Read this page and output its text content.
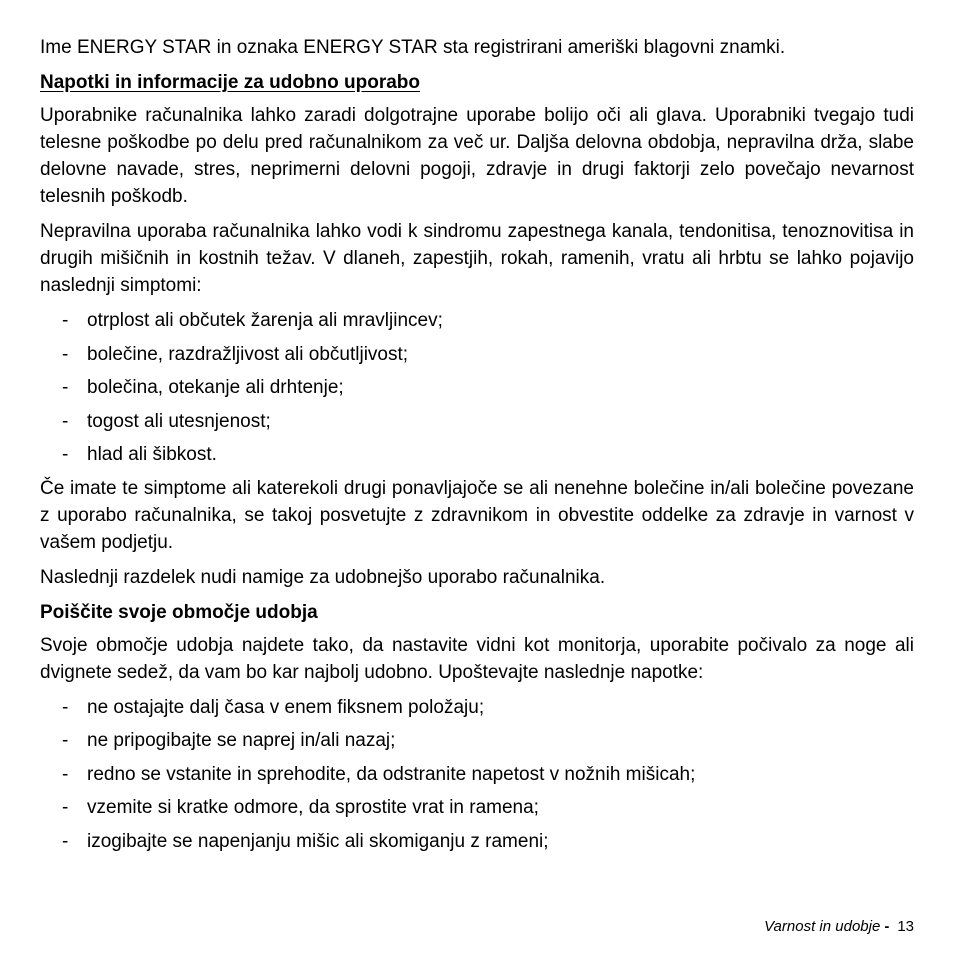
Ime ENERGY STAR in oznaka ENERGY STAR sta registrirani ameriški blagovni znamki.

Napotki in informacije za udobno uporabo

Uporabnike računalnika lahko zaradi dolgotrajne uporabe bolijo oči ali glava. Uporabniki tvegajo tudi telesne poškodbe po delu pred računalnikom za več ur. Daljša delovna obdobja, nepravilna drža, slabe delovne navade, stres, neprimerni delovni pogoji, zdravje in drugi faktorji zelo povečajo nevarnost telesnih poškodb.

Nepravilna uporaba računalnika lahko vodi k sindromu zapestnega kanala, tendonitisa, tenoznovitisa in drugih mišičnih in kostnih težav. V dlaneh, zapestjih, rokah, ramenih, vratu ali hrbtu se lahko pojavijo naslednji simptomi:

- otrplost ali občutek žarenja ali mravljincev;
- bolečine, razdražljivost ali občutljivost;
- bolečina, otekanje ali drhtenje;
- togost ali utesnjenost;
- hlad ali šibkost.

Če imate te simptome ali katerekoli drugi ponavljajoče se ali nenehne bolečine in/ali bolečine povezane z uporabo računalnika, se takoj posvetujte z zdravnikom in obvestite oddelke za zdravje in varnost v vašem podjetju.

Naslednji razdelek nudi namige za udobnejšo uporabo računalnika.

Poiščite svoje območje udobja

Svoje območje udobja najdete tako, da nastavite vidni kot monitorja, uporabite počivalo za noge ali dvignete sedež, da vam bo kar najbolj udobno. Upoštevajte naslednje napotke:

- ne ostajajte dalj časa v enem fiksnem položaju;
- ne pripogibajte se naprej in/ali nazaj;
- redno se vstanite in sprehodite, da odstranite napetost v nožnih mišicah;
- vzemite si kratke odmore, da sprostite vrat in ramena;
- izogibajte se napenjanju mišic ali skomiganju z rameni;
Varnost in udobje - 13
